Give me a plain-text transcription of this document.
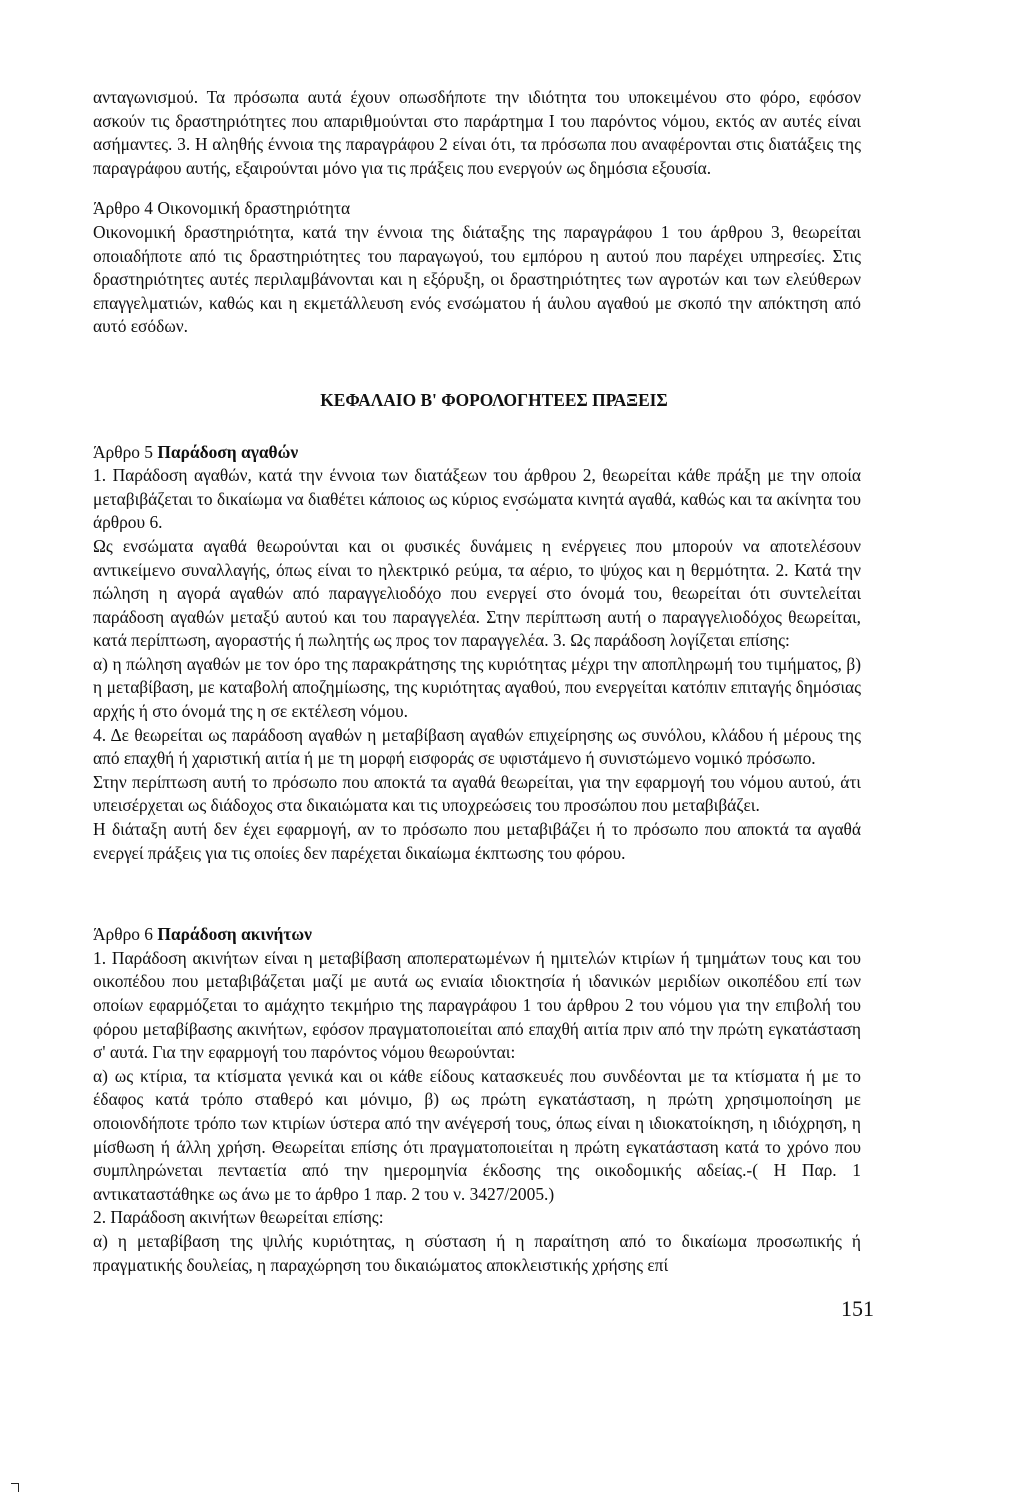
ανταγωνισμού. Τα πρόσωπα αυτά έχουν οπωσδήποτε την ιδιότητα του υποκειμένου στο φόρο, εφόσον ασκούν τις δραστηριότητες που απαριθμούνται στο παράρτημα Ι του παρόντος νόμου, εκτός αν αυτές είναι ασήμαντες. 3. Η αληθής έννοια της παραγράφου 2 είναι ότι, τα πρόσωπα που αναφέρονται στις διατάξεις της παραγράφου αυτής, εξαιρούνται μόνο για τις πράξεις που ενεργούν ως δημόσια εξουσία.

Άρθρο 4 Οικονομική δραστηριότητα

Οικονομική δραστηριότητα, κατά την έννοια της διάταξης της παραγράφου 1 του άρθρου 3, θεωρείται οποιαδήποτε από τις δραστηριότητες του παραγωγού, του εμπόρου η αυτού που παρέχει υπηρεσίες. Στις δραστηριότητες αυτές περιλαμβάνονται και η εξόρυξη, οι δραστηριότητες των αγροτών και των ελεύθερων επαγγελματιών, καθώς και η εκμετάλλευση ενός ενσώματου ή άυλου αγαθού με σκοπό την απόκτηση από αυτό εσόδων.

ΚΕΦΑΛΑΙΟ Β' ΦΟΡΟΛΟΓΗΤΕΕΣ ΠΡΑΞΕΙΣ

Άρθρο 5 Παράδοση αγαθών

1. Παράδοση αγαθών, κατά την έννοια των διατάξεων του άρθρου 2, θεωρείται κάθε πράξη με την οποία μεταβιβάζεται το δικαίωμα να διαθέτει κάποιος ως κύριος ενσώματα κινητά αγαθά, καθώς και τα ακίνητα του άρθρου 6.

Ως ενσώματα αγαθά θεωρούνται και οι φυσικές δυνάμεις η ενέργειες που μπορούν να αποτελέσουν αντικείμενο συναλλαγής, όπως είναι το ηλεκτρικό ρεύμα, τα αέριο, το ψύχος και η θερμότητα. 2. Κατά την πώληση η αγορά αγαθών από παραγγελιοδόχο που ενεργεί στο όνομά του, θεωρείται ότι συντελείται παράδοση αγαθών μεταξύ αυτού και του παραγγελέα. Στην περίπτωση αυτή ο παραγγελιοδόχος θεωρείται, κατά περίπτωση, αγοραστής ή πωλητής ως προς τον παραγγελέα. 3. Ως παράδοση λογίζεται επίσης:

α) η πώληση αγαθών με τον όρο της παρακράτησης της κυριότητας μέχρι την αποπληρωμή του τιμήματος, β) η μεταβίβαση, με καταβολή αποζημίωσης, της κυριότητας αγαθού, που ενεργείται κατόπιν επιταγής δημόσιας αρχής ή στο όνομά της η σε εκτέλεση νόμου.

4. Δε θεωρείται ως παράδοση αγαθών η μεταβίβαση αγαθών επιχείρησης ως συνόλου, κλάδου ή μέρους της από επαχθή ή χαριστική αιτία ή με τη μορφή εισφοράς σε υφιστάμενο ή συνιστώμενο νομικό πρόσωπο.

Στην περίπτωση αυτή το πρόσωπο που αποκτά τα αγαθά θεωρείται, για την εφαρμογή του νόμου αυτού, άτι υπεισέρχεται ως διάδοχος στα δικαιώματα και τις υποχρεώσεις του προσώπου που μεταβιβάζει.

Η διάταξη αυτή δεν έχει εφαρμογή, αν το πρόσωπο που μεταβιβάζει ή το πρόσωπο που αποκτά τα αγαθά ενεργεί πράξεις για τις οποίες δεν παρέχεται δικαίωμα έκπτωσης του φόρου.

Άρθρο 6 Παράδοση ακινήτων

1. Παράδοση ακινήτων είναι η μεταβίβαση αποπερατωμένων ή ημιτελών κτιρίων ή τμημάτων τους και του οικοπέδου που μεταβιβάζεται μαζί με αυτά ως ενιαία ιδιοκτησία ή ιδανικών μεριδίων οικοπέδου επί των οποίων εφαρμόζεται το αμάχητο τεκμήριο της παραγράφου 1 του άρθρου 2 του νόμου για την επιβολή του φόρου μεταβίβασης ακινήτων, εφόσον πραγματοποιείται από επαχθή αιτία πριν από την πρώτη εγκατάσταση σ' αυτά. Για την εφαρμογή του παρόντος νόμου θεωρούνται:

α) ως κτίρια, τα κτίσματα γενικά και οι κάθε είδους κατασκευές που συνδέονται με τα κτίσματα ή με το έδαφος κατά τρόπο σταθερό και μόνιμο, β) ως πρώτη εγκατάσταση, η πρώτη χρησιμοποίηση με οποιονδήποτε τρόπο των κτιρίων ύστερα από την ανέγερσή τους, όπως είναι η ιδιοκατοίκηση, η ιδιόχρηση, η μίσθωση ή άλλη χρήση. Θεωρείται επίσης ότι πραγματοποιείται η πρώτη εγκατάσταση κατά το χρόνο που συμπληρώνεται πενταετία από την ημερομηνία έκδοσης της οικοδομικής αδείας.-( Η Παρ. 1 αντικαταστάθηκε ως άνω με το άρθρο 1 παρ. 2 του ν. 3427/2005.)

2. Παράδοση ακινήτων θεωρείται επίσης:

α) η μεταβίβαση της ψιλής κυριότητας, η σύσταση ή η παραίτηση από το δικαίωμα προσωπικής ή πραγματικής δουλείας, η παραχώρηση του δικαιώματος αποκλειστικής χρήσης επί

151
